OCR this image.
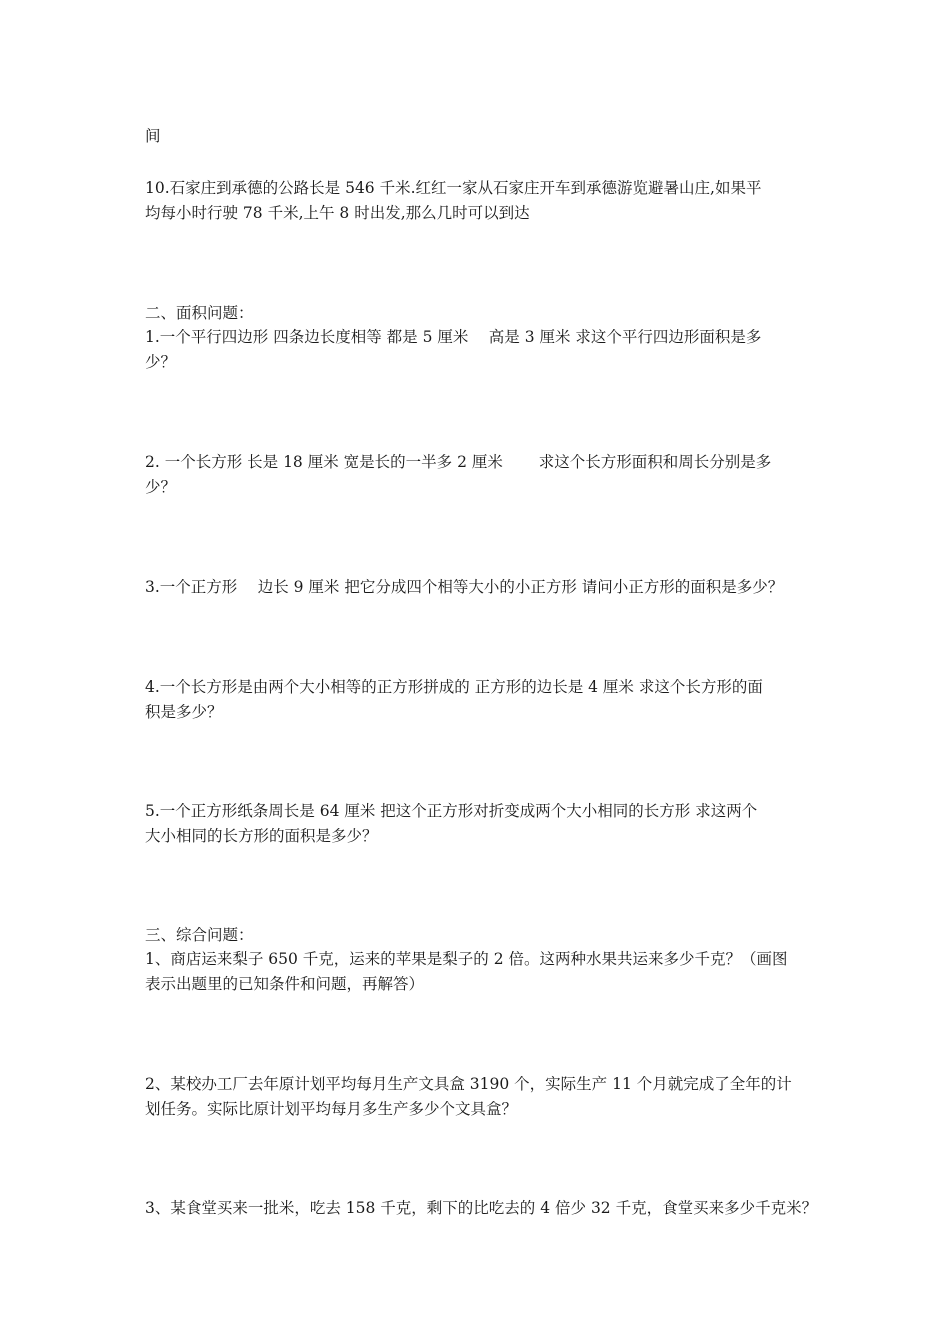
间
10.石家庄到承德的公路长是 546 千米.红红一家从石家庄开车到承德游览避暑山庄,如果平
均每小时行驶 78 千米,上午 8 时出发,那么几时可以到达
二、面积问题：
1.一个平行四边形 四条边长度相等 都是 5 厘米　 高是 3 厘米 求这个平行四边形面积是多
少？
2. 一个长方形 长是 18 厘米 宽是长的一半多 2 厘米　　 求这个长方形面积和周长分别是多
少？
3.一个正方形　 边长 9 厘米 把它分成四个相等大小的小正方形 请问小正方形的面积是多少？
4.一个长方形是由两个大小相等的正方形拼成的 正方形的边长是 4 厘米 求这个长方形的面
积是多少？
5.一个正方形纸条周长是 64 厘米 把这个正方形对折变成两个大小相同的长方形 求这两个
大小相同的长方形的面积是多少？
三、综合问题：
1、商店运来梨子 650 千克，运来的苹果是梨子的 2 倍。这两种水果共运来多少千克？（画图
表示出题里的已知条件和问题，再解答）
2、某校办工厂去年原计划平均每月生产文具盒 3190 个，实际生产 11 个月就完成了全年的计
划任务。实际比原计划平均每月多生产多少个文具盒？
3、某食堂买来一批米，吃去 158 千克，剩下的比吃去的 4 倍少 32 千克，食堂买来多少千克米？
